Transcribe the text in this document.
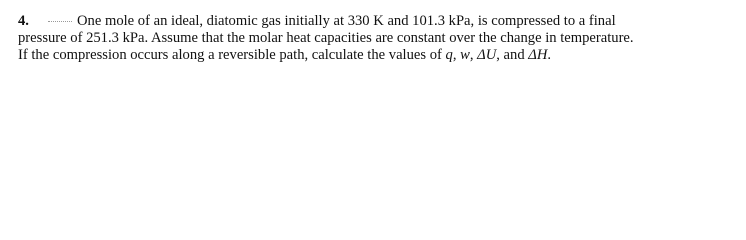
4.	One mole of an ideal, diatomic gas initially at 330 K and 101.3 kPa, is compressed to a final
pressure of 251.3 kPa. Assume that the molar heat capacities are constant over the change in temperature.
If the compression occurs along a reversible path, calculate the values of q, w, ΔU, and ΔH.
